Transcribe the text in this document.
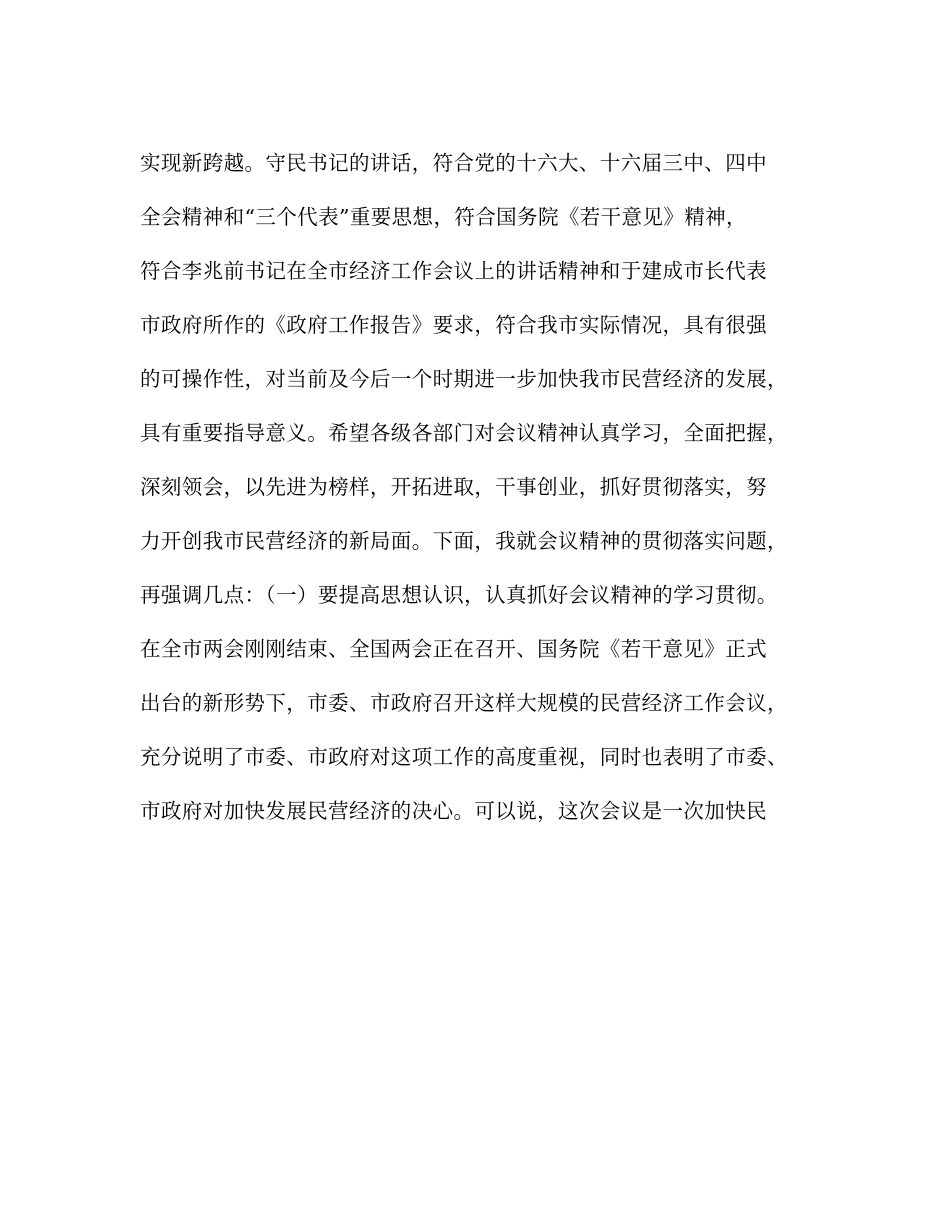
实现新跨越。守民书记的讲话，符合党的十六大、十六届三中、四中
全会精神和“三个代表”重要思想，符合国务院《若干意见》精神，
符合李兆前书记在全市经济工作会议上的讲话精神和于建成市长代表
市政府所作的《政府工作报告》要求，符合我市实际情况，具有很强
的可操作性，对当前及今后一个时期进一步加快我市民营经济的发展，
具有重要指导意义。希望各级各部门对会议精神认真学习，全面把握，
深刻领会，以先进为榜样，开拓进取，干事创业，抓好贯彻落实，努
力开创我市民营经济的新局面。下面，我就会议精神的贯彻落实问题，
再强调几点：（一）要提高思想认识，认真抓好会议精神的学习贯彻。
在全市两会刚刚结束、全国两会正在召开、国务院《若干意见》正式
出台的新形势下，市委、市政府召开这样大规模的民营经济工作会议，
充分说明了市委、市政府对这项工作的高度重视，同时也表明了市委、
市政府对加快发展民营经济的决心。可以说，这次会议是一次加快民
